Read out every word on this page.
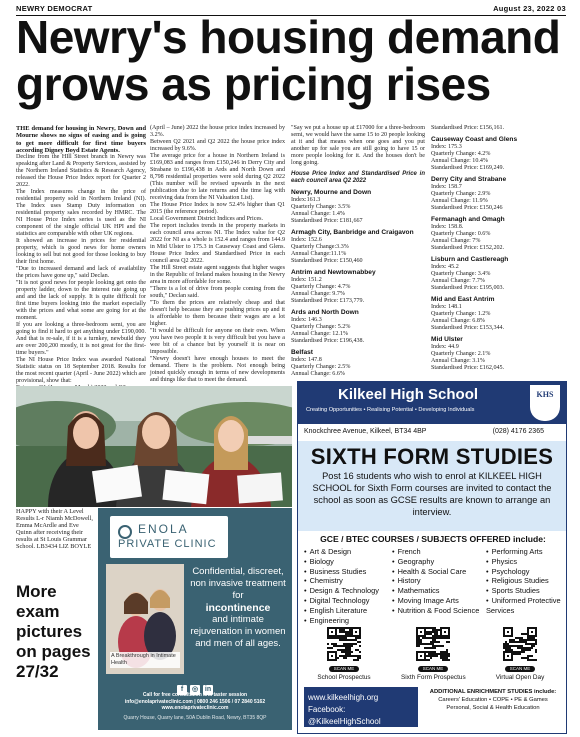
NEWRY DEMOCRAT	August 23, 2022 03
Newry's housing demand grows as pricing rises

THE demand for housing in Newry, Down and Mourne shows no signs of easing and is going to get more difficult for first time buyers according Digney Boyd Estate Agents.

Decline from the HIll Street branch in Newry was speaking after Land & Property Services, assisted by the Northern Ireland Statistics & Research Agency, released the House Price Index report for Quarter 2 2022.

The Index measures change in the price of residential property sold in Northern Ireland (NI). The Index uses Stamp Duty information on residential property sales recorded by HMRC. The NI House Price Index series is used as the NI component of the single official UK HPI and the statistics are comparable with other UK regions.

It showed an increase in prices for residential property, which is good news for home owners looking to sell but not good for those looking to buy their first home.

"Due to increased demand and lack of availability the prices have gone up," said Declan.

"It is not good news for people looking get onto the property ladder, down to the interest rate going up and and the lack of supply. It is quite difficult for first time buyers looking into the market especially with the prices and what some are going for at the moment.

If you are looking a three-bedroom semi, you are going to find it hard to get anything under £190,000. And that is re-sale, if it is a turnkey, newbuild they are over 200,200 mostly, it is not great for the first-time buyers."

The NI House Price Index was awarded National Statistic status on 18 September 2018. Results for the most recent quarter (April - June 2022) which are provisional, show that:

(April – June) 2022 the house price index increased by 3.2%.

Between Q2 2021 and Q2 2022 the house price index increased by 9.6%.

The average price for a house in Northern Ireland is £169,083 and ranges from £150,246 in Derry City and Strabane to £196,438 in Ards and North Down and 8,798 residential properties were sold during Q2 2022 (This number will be revised upwards in the next publication due to late returns and the time lag with receiving data from the NI Valuation List).

The House Price Index is now 52.4% higher than Q1 2015 (the reference period).

Local Government District Indices and Prices.

The report includes trends in the property markets in each council area across NI. The Index value for Q2 2022 for NI as a whole is 152.4 and ranges from 144.9 in Mid Ulster to 175.3 in Causeway Coast and Glens. House Price Index and Standardised Price in each council area Q2 2022.

The Hill Street estate agent suggests that higher wages in the Republic of Ireland makes housing in the Newry area in more affordable for some.

"There is a lot of drive from people coming from the south," Declan said.

"To them the prices are relatively cheap and that doesn't help because they are pushing prices up and it is affordable to them because their wages are a lot higher.

"It would be difficult for anyone on their own. When you have two people it is very difficult but you have a wee bit of a chance but by yourself it is near on impossible.

"Newry doesn't have enough houses to meet the demand. There is the problem. Not enough being joined quickly enough in terms of new developments and things like that to meet the demand.

"Say we put a house up at £17000 for a three-bedroom semi, we would have the same 15 to 20 people looking at it and that means when one goes and you put another up for sale you are still going to have 15 or more people looking for it. And the houses don't be long going.

House Price Index and Standardised Price in each council area Q2 2022

Newry, Mourne and Down
Index:161.3
Quarterly Change: 3.5%
Annual Change: 1.4%
Standardised Price: £181,667
Armagh City, Banbridge and Craigavon
Index: 152.6
Quarterly Change:3.3%
Annual Change:11.1%
Standardised Price: £150,460
Antrim and Newtownabbey
Index: 151.2
Quarterly Change: 4.7%
Annual Change: 9.7%
Standardised Price: £173,779.
Ards and North Down
Index: 146.3
Quarterly Change: 5.2%
Annual Change: 12.1%
Standardised Price: £196,438.
Belfast
Index: 147.8
Quarterly Change: 2.5%
Annual Change: 6.6%

Standardised Price: £156,161.

Causeway Coast and Glens
Index: 175.3
Quarterly Change: 4.2%
Annual Change: 10.4%
Standardised Price: £169,249.
Derry City and Strabane
Index: 158.7
Quarterly Change: 2.9%
Annual Change: 11.9%
Standardised Price: £150,246
Fermanagh and Omagh
Index: 158.8.
Quarterly Change: 0.6%
Annual Change: 7%
Standardised Price: £152,202.
Lisburn and Castlereagh
Index: 45.2
Quarterly Change: 3.4%
Annual Change: 7.7%
Standardised Price: £195,003.
Mid and East Antrim
Index: 148.1
Quarterly Change: 1.2%
Annual Change: 6.8%
Standardised Price: £153,344.
Mid Ulster
Index: 44.9
Quarterly Change: 2.1%
Annual Change: 3.1%
Standardised Price: £162,045.

HAPPY with their A Level Results L-r Niamh McDowell, Emma McArdle and Eve Quinn after receiving their results at St Louis Grammar School. LB3434 LIZ BOYLE

More exam pictures on pages 27/32
ENOLA
PRIVATE CLINIC
A Breakthrough in Intimate Health
Confidential, discreet, non invasive treatment for
incontinence
and intimate rejuvenation in women and men of all ages.
f	◎ in
Call for free consultation and taster session
info@enolaprivateclinic.com | 0800 246 1506 / 07 2840 5162
www.enolaprivateclinic.com
Quarry House, Quarry lane, 50A Dublin Road, Newry, BT35 8QP
Kilkeel High School
Creating Opportunities • Realising Potential • Developing Individuals
KHS
Knockchree Avenue, Kilkeel, BT34 4BP	(028) 4176 2365
SIXTH FORM STUDIES
Post 16 students who wish to enrol at KILKEEL HIGH SCHOOL for Sixth Form courses are invited to contact the school as soon as GCSE results are known to arrange an interview.
GCE / BTEC COURSES / SUBJECTS OFFERED include:
• Art & Design
• Biology
• Business Studies
• Chemistry
• Design & Technology
• Digital Technology
• English Literature
• Engineering
• French
• Geography
• Health & Social Care
• History
• Mathematics
• Moving Image Arts
• Nutrition & Food Science
• Performing Arts
• Physics
• Psychology
• Religious Studies
• Sports Studies
• Uniformed Protective Services
SCAN ME
School Prospectus
SCAN ME
Sixth Form Prospectus
SCAN ME
Virtual Open Day
www.kilkeelhigh.org
Facebook: @KilkeelHighSchool
ADDITIONAL ENRICHMENT STUDIES include:
Careers' Education • COPE • PE & Games
Personal, Social & Health Education
